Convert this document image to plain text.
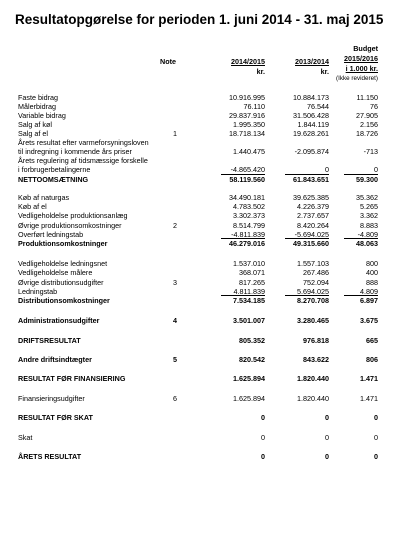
Resultatopgørelse for perioden 1. juni 2014 - 31. maj 2015
Note	2014/2015
kr.
2013/2014
kr.
Budget
2015/2016
i 1.000 kr.
(Ikke revideret)
Faste bidrag	10.916.995	10.884.173	11.150
Målerbidrag	76.110	76.544	76
Variable bidrag	29.837.916	31.506.428	27.905
Salg af køl	1.995.350	1.844.119	2.156
Salg af el	1	18.718.134	19.628.261	18.726
Årets resultat efter varmeforsyningsloven
til indregning i kommende års priser	1.440.475	-2.095.874	-713
Årets regulering af tidsmæssige forskelle
i forbrugerbetalingerne	-4.865.420	0	0
NETTOOMSÆTNING	58.119.560	61.843.651	59.300
Køb af naturgas	34.490.181	39.625.385	35.362
Køb af el	4.783.502	4.226.379	5.265
Vedligeholdelse produktionsanlæg	3.302.373	2.737.657	3.362
Øvrige produktionsomkostninger	2	8.514.799	8.420.264	8.883
Overført ledningstab	-4.811.839	-5.694.025	-4.809
Produktionsomkostninger	46.279.016	49.315.660	48.063
Vedligeholdelse ledningsnet	1.537.010	1.557.103	800
Vedligeholdelse målere	368.071	267.486	400
Øvrige distributionsudgifter	3	817.265	752.094	888
Ledningstab	4.811.839	5.694.025	4.809
Distributionsomkostninger	7.534.185	8.270.708	6.897
Administrationsudgifter	4	3.501.007	3.280.465	3.675
DRIFTSRESULTAT	805.352	976.818	665
Andre driftsindtægter	5	820.542	843.622	806
RESULTAT FØR FINANSIERING	1.625.894	1.820.440	1.471
Finansieringsudgifter	6	1.625.894	1.820.440	1.471
RESULTAT FØR SKAT	0	0	0
Skat	0	0	0
ÅRETS RESULTAT	0	0	0
